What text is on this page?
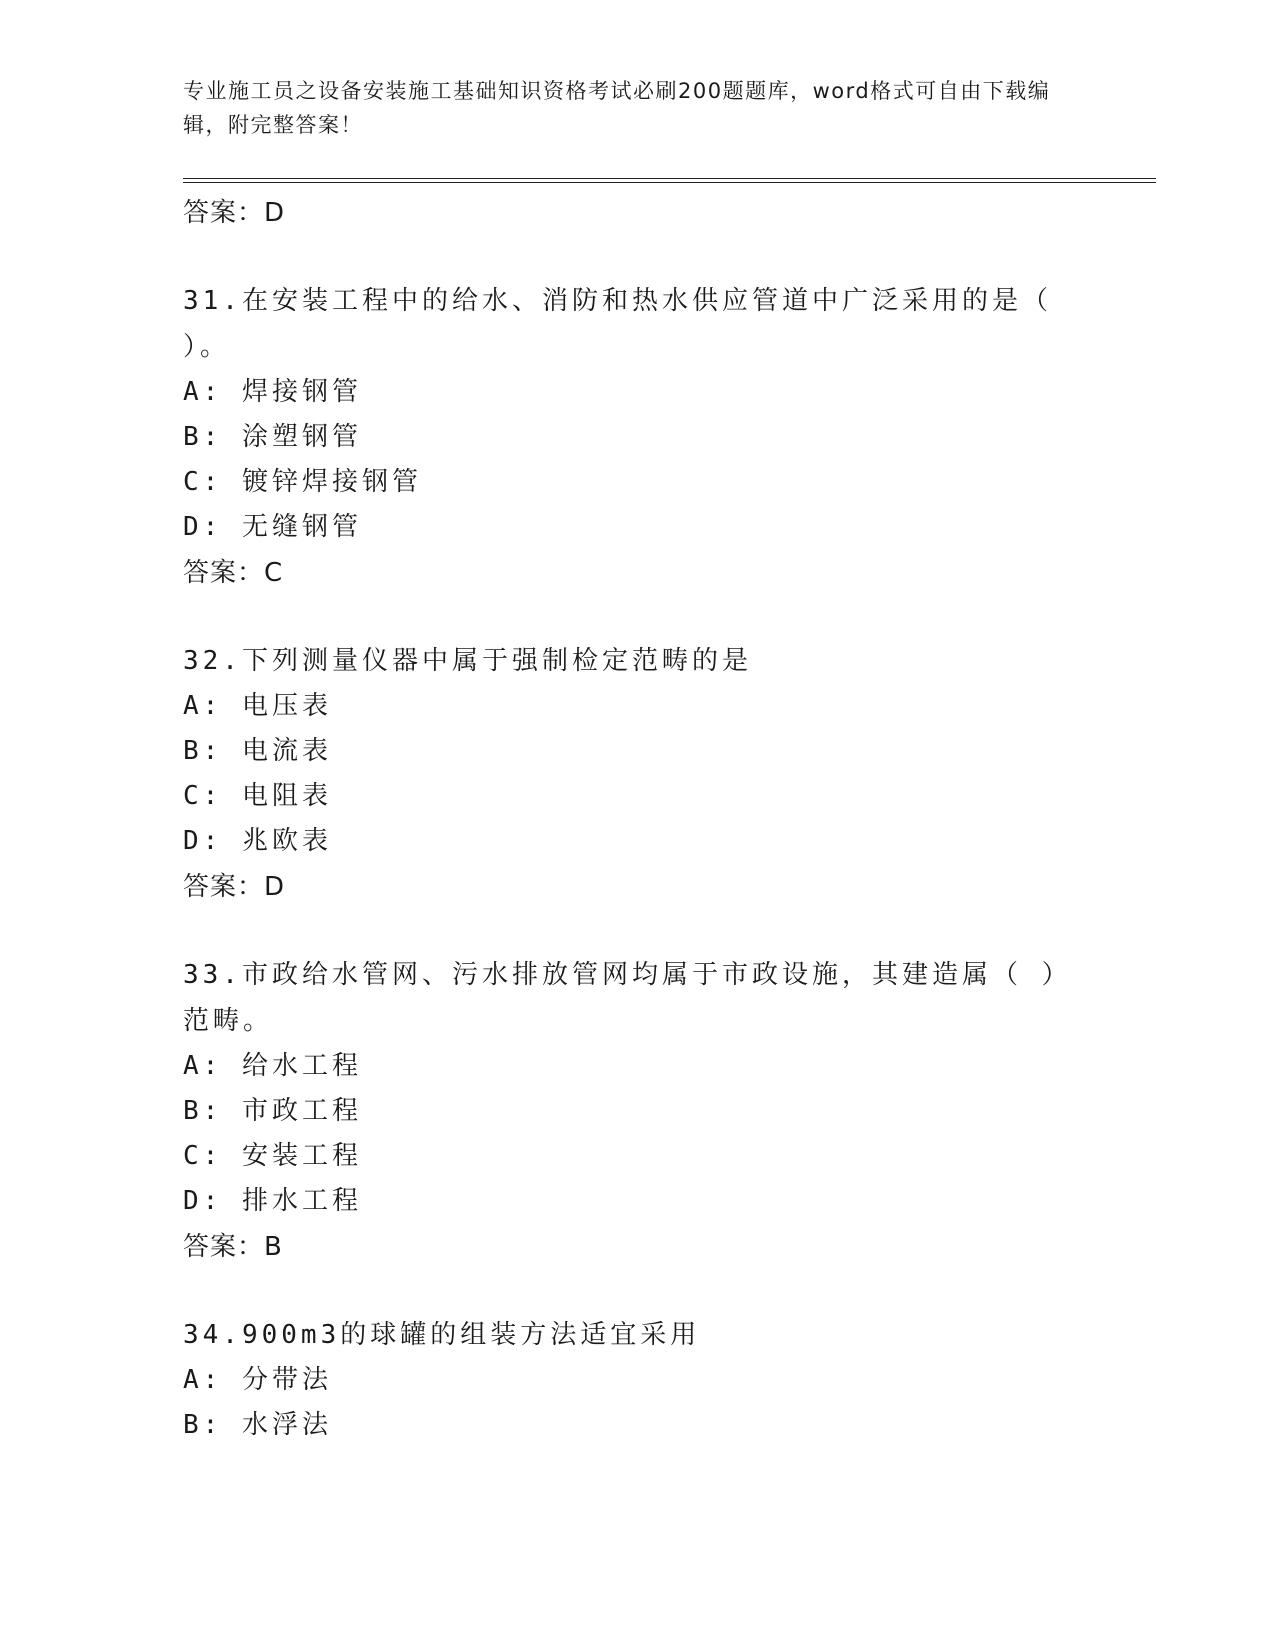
专业施工员之设备安装施工基础知识资格考试必刷200题题库，word格式可自由下载编辑，附完整答案！

答案：D
31.在安装工程中的给水、消防和热水供应管道中广泛采用的是（ ）。
A: 焊接钢管
B: 涂塑钢管
C: 镀锌焊接钢管
D: 无缝钢管
答案：C
32.下列测量仪器中属于强制检定范畴的是
A: 电压表
B: 电流表
C: 电阻表
D: 兆欧表
答案：D
33.市政给水管网、污水排放管网均属于市政设施，其建造属（ ）范畴。
A: 给水工程
B: 市政工程
C: 安装工程
D: 排水工程
答案：B
34.900m3的球罐的组装方法适宜采用
A: 分带法
B: 水浮法
